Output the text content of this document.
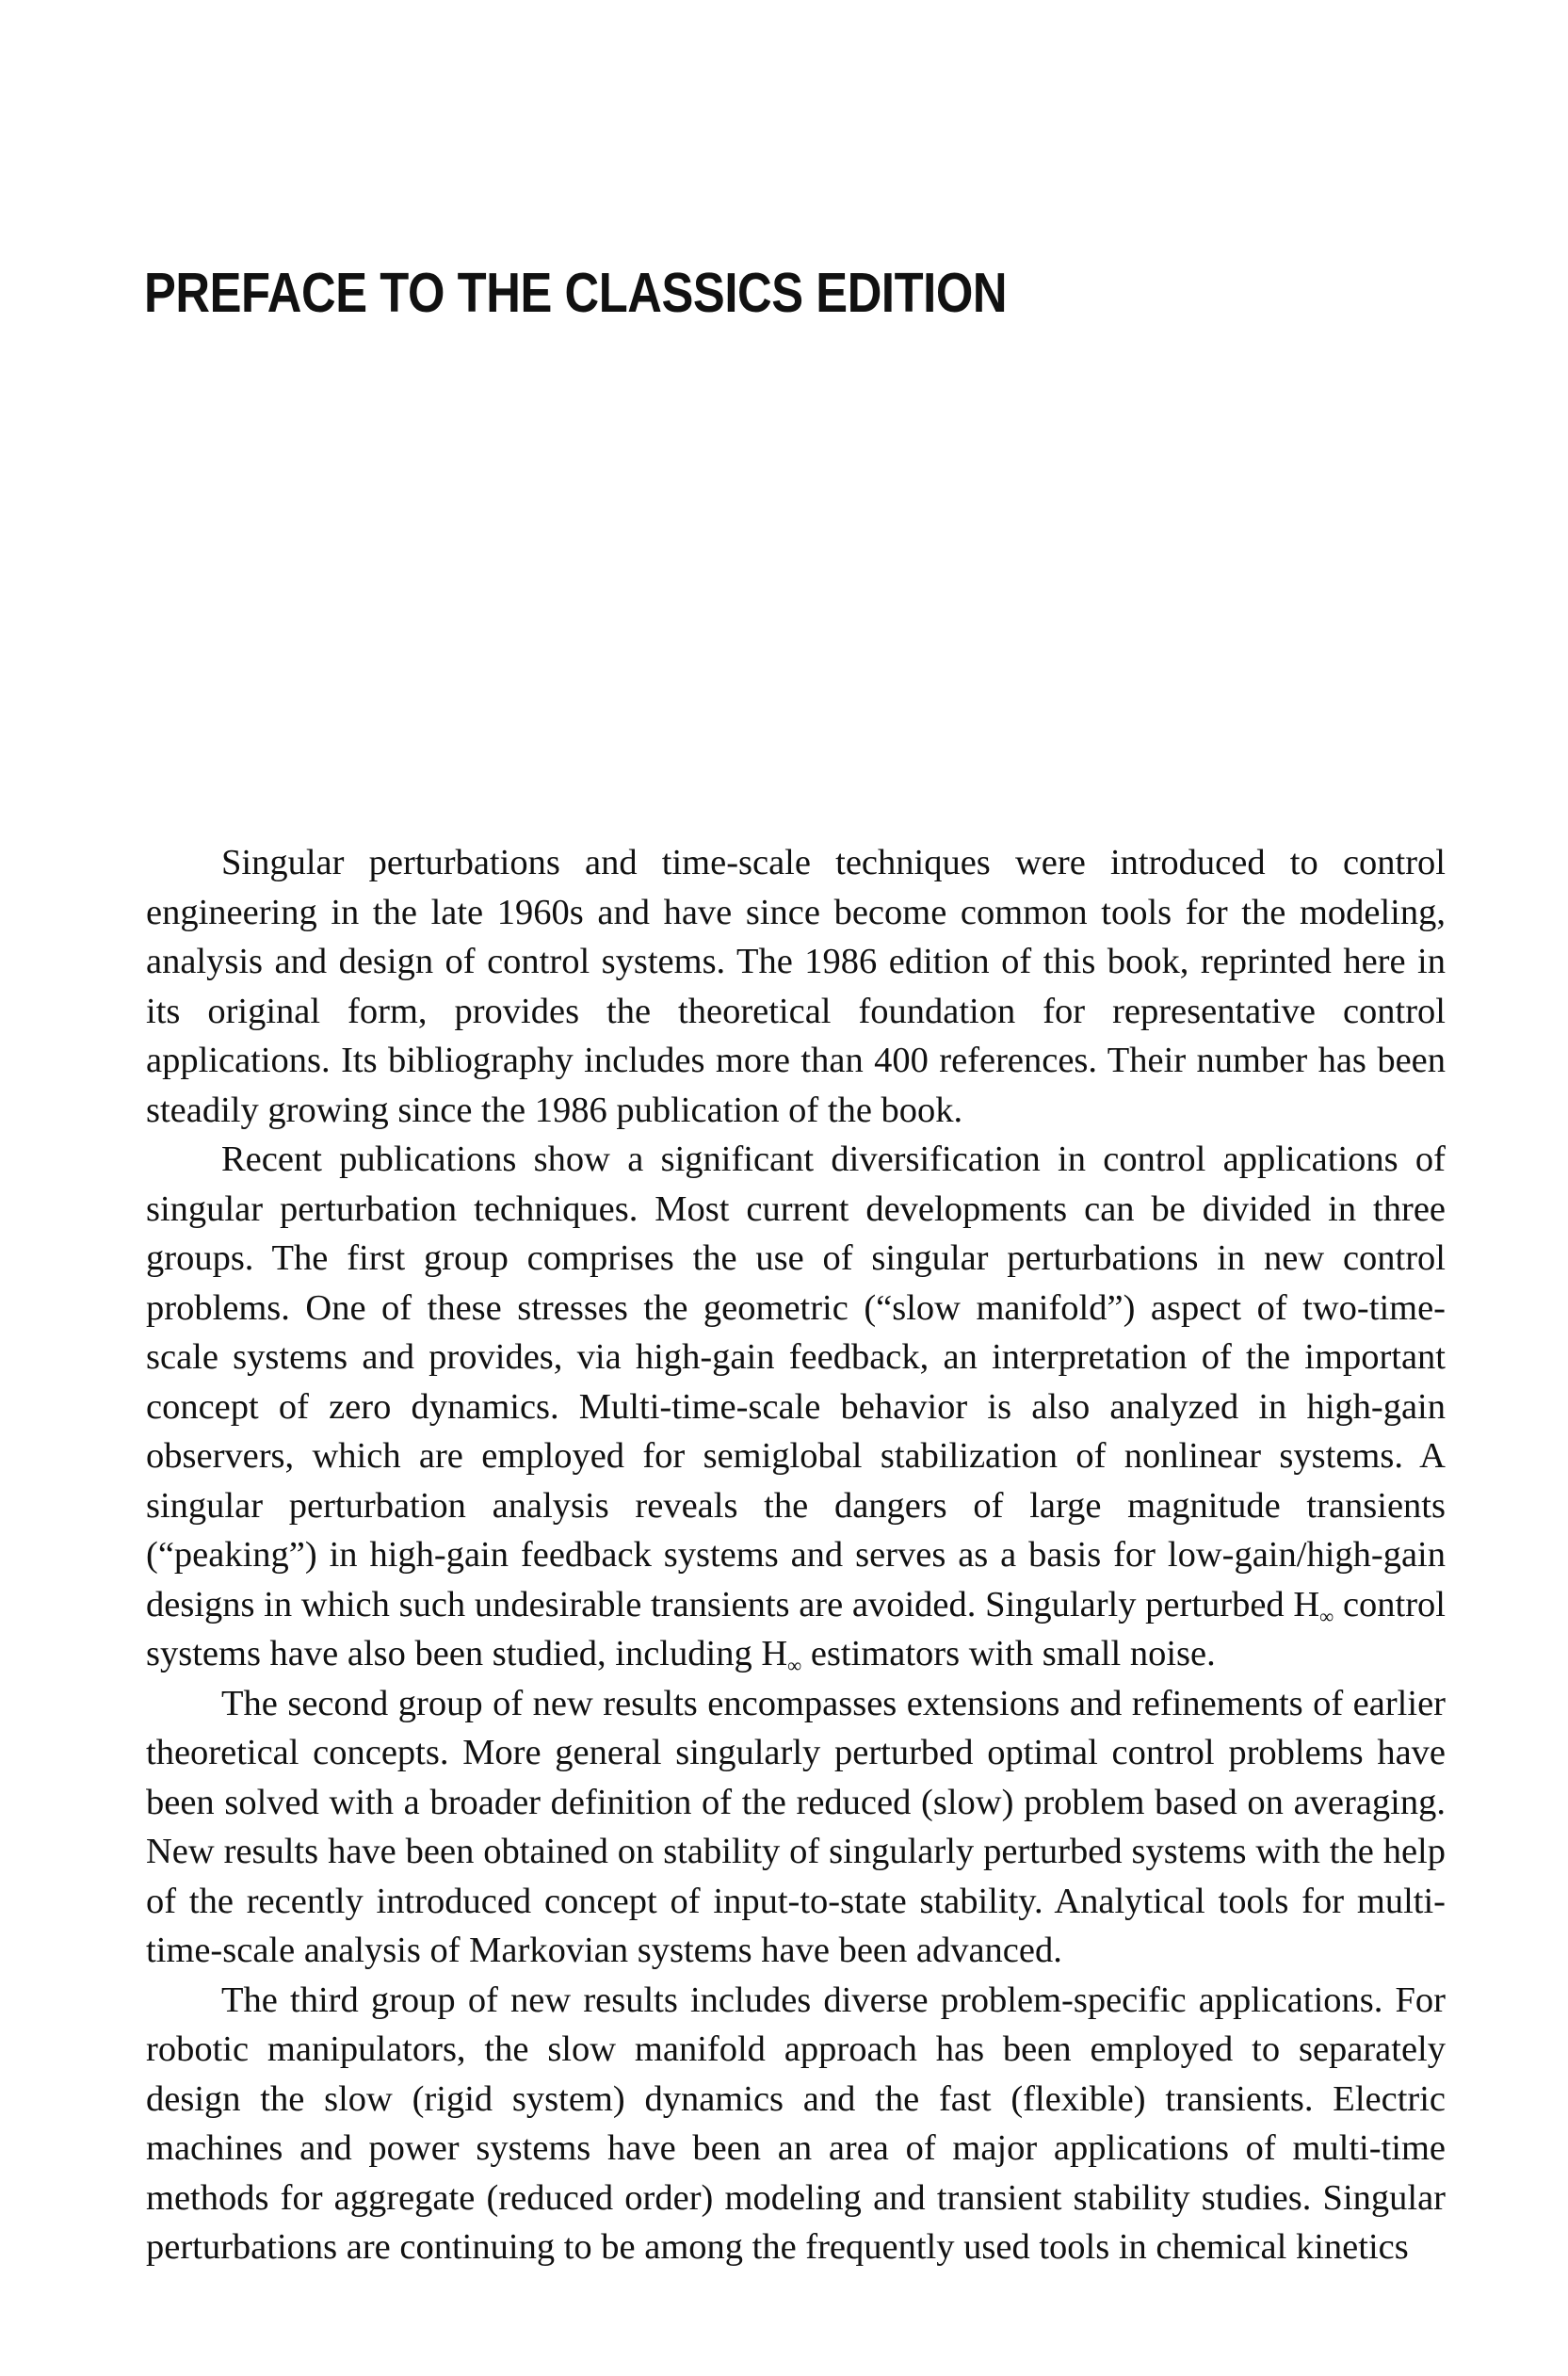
PREFACE TO THE CLASSICS EDITION

Singular perturbations and time-scale techniques were introduced to control engineering in the late 1960s and have since become common tools for the modeling, analysis and design of control systems. The 1986 edition of this book, reprinted here in its original form, provides the theoretical foundation for representative control applications. Its bibliography includes more than 400 references. Their number has been steadily growing since the 1986 publication of the book.

Recent publications show a significant diversification in control applications of singular perturbation techniques. Most current developments can be divided in three groups. The first group comprises the use of singular perturbations in new control problems. One of these stresses the geometric (“slow manifold”) aspect of two-time-scale systems and provides, via high-gain feedback, an interpretation of the important concept of zero dynamics. Multi-time-scale behavior is also analyzed in high-gain observers, which are employed for semiglobal stabilization of nonlinear systems. A singular perturbation analysis reveals the dangers of large magnitude transients (“peaking”) in high-gain feedback systems and serves as a basis for low-gain/high-gain designs in which such undesirable transients are avoided. Singularly perturbed $H_\infty$ control systems have also been studied, including $H_\infty$ estimators with small noise.

The second group of new results encompasses extensions and refinements of earlier theoretical concepts. More general singularly perturbed optimal control problems have been solved with a broader definition of the reduced (slow) problem based on averaging. New results have been obtained on stability of singularly perturbed systems with the help of the recently introduced concept of input-to-state stability. Analytical tools for multi-time-scale analysis of Markovian systems have been advanced.

The third group of new results includes diverse problem-specific applications. For robotic manipulators, the slow manifold approach has been employed to separately design the slow (rigid system) dynamics and the fast (flexible) transients. Electric machines and power systems have been an area of major applications of multi-time methods for aggregate (reduced order) modeling and transient stability studies. Singular perturbations are continuing to be among the frequently used tools in chemical kinetics
